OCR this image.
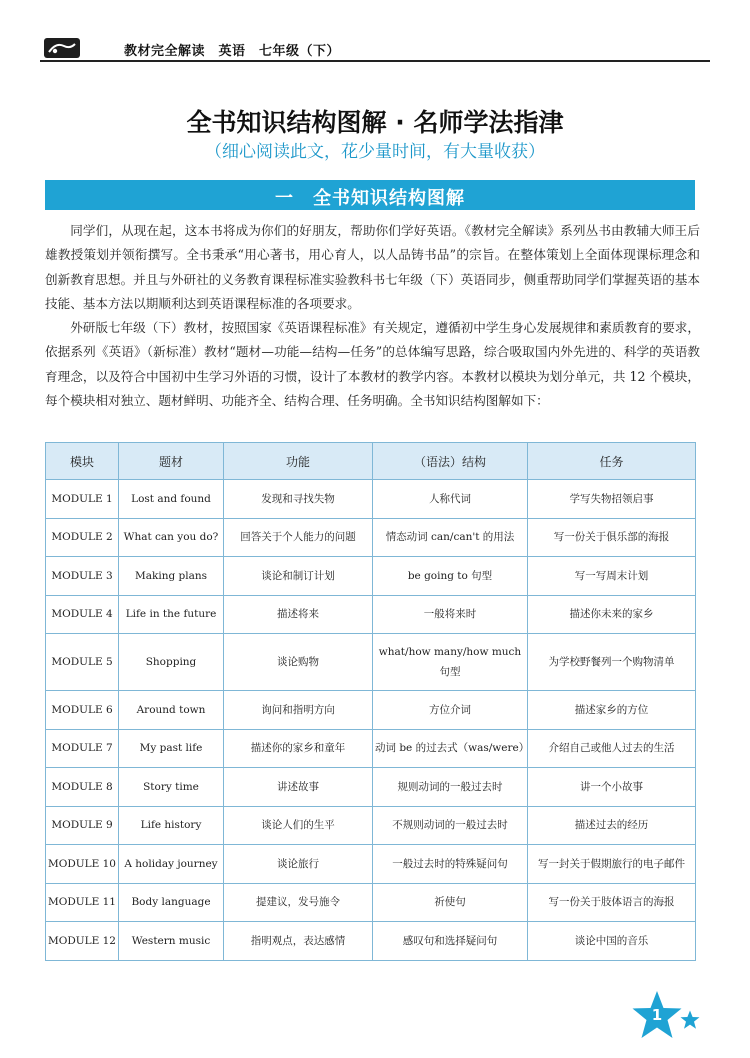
教材完全解读　英语　七年级（下）
全书知识结构图解 · 名师学法指津
（细心阅读此文，花少量时间，有大量收获）
一　全书知识结构图解

同学们，从现在起，这本书将成为你们的好朋友，帮助你们学好英语。《教材完全解读》系列丛书由教辅大师王后雄教授策划并领衔撰写。全书秉承“用心著书，用心育人，以人品铸书品”的宗旨。在整体策划上全面体现课标理念和创新教育思想。并且与外研社的义务教育课程标准实验教科书七年级（下）英语同步，侧重帮助同学们掌握英语的基本技能、基本方法以期顺利达到英语课程标准的各项要求。

外研版七年级（下）教材，按照国家《英语课程标准》有关规定，遵循初中学生身心发展规律和素质教育的要求，依据系列《英语》（新标准）教材“题材—功能—结构—任务”的总体编写思路，综合吸取国内外先进的、科学的英语教育理念，以及符合中国初中生学习外语的习惯，设计了本教材的教学内容。本教材以模块为划分单元，共 12 个模块，每个模块相对独立、题材鲜明、功能齐全、结构合理、任务明确。全书知识结构图解如下：

模块	题材	功能	（语法）结构	任务
MODULE 1	Lost and found	发现和寻找失物	人称代词	学写失物招领启事
MODULE 2	What can you do?	回答关于个人能力的问题	情态动词 can/can't 的用法	写一份关于俱乐部的海报
MODULE 3	Making plans	谈论和制订计划	be going to 句型	写一写周末计划
MODULE 4	Life in the future	描述将来	一般将来时	描述你未来的家乡
MODULE 5	Shopping	谈论购物	what/how many/how much 句型	为学校野餐列一个购物清单
MODULE 6	Around town	询问和指明方向	方位介词	描述家乡的方位
MODULE 7	My past life	描述你的家乡和童年	动词 be 的过去式（was/were）	介绍自己或他人过去的生活
MODULE 8	Story time	讲述故事	规则动词的一般过去时	讲一个小故事
MODULE 9	Life history	谈论人们的生平	不规则动词的一般过去时	描述过去的经历
MODULE 10	A holiday journey	谈论旅行	一般过去时的特殊疑问句	写一封关于假期旅行的电子邮件
MODULE 11	Body language	提建议，发号施令	祈使句	写一份关于肢体语言的海报
MODULE 12	Western music	指明观点，表达感情	感叹句和选择疑问句	谈论中国的音乐
1
